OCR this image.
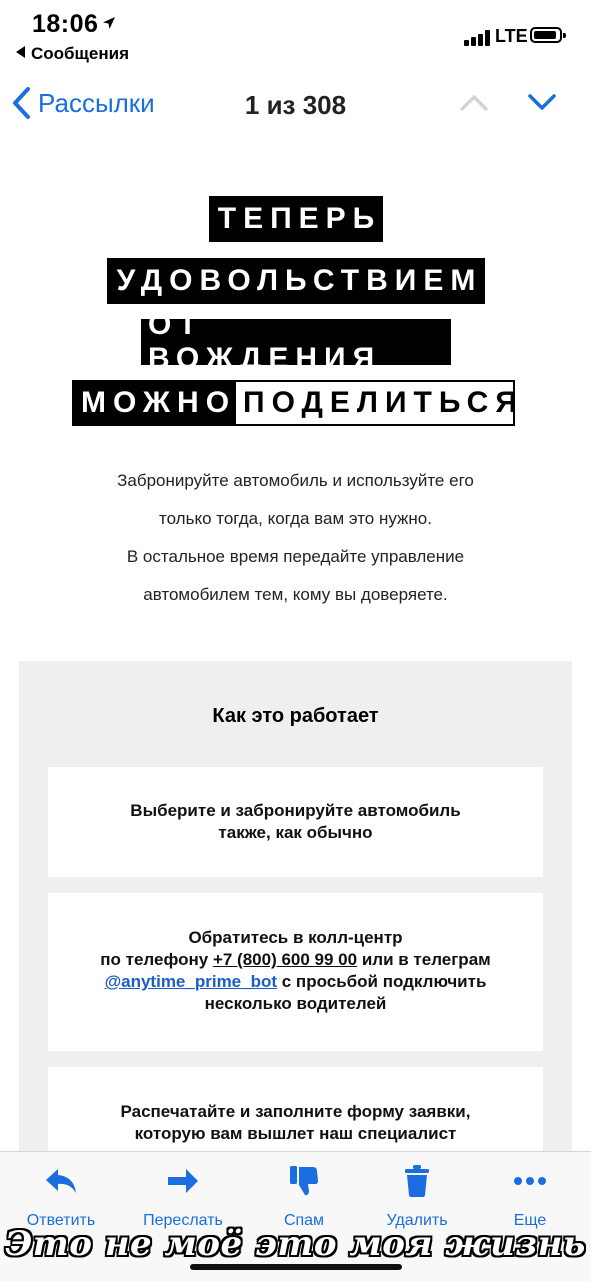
18:06
Сообщения
LTE
Рассылки	1 из 308
ТЕПЕРЬ
УДОВОЛЬСТВИЕМ
ОТ ВОЖДЕНИЯ
МОЖНО ПОДЕЛИТЬСЯ
Забронируйте автомобиль и используйте его
только тогда, когда вам это нужно.
В остальное время передайте управление
автомобилем тем, кому вы доверяете.
Как это работает
Выберите и забронируйте автомобиль
также, как обычно
Обратитесь в колл-центр
по телефону +7 (800) 600 99 00 или в телеграм
@anytime_prime_bot с просьбой подключить
несколько водителей
Распечатайте и заполните форму заявки,
которую вам вышлет наш специалист
Ответить	Переслать	Спам	Удалить	Еще
Это не моё это моя жизнь
